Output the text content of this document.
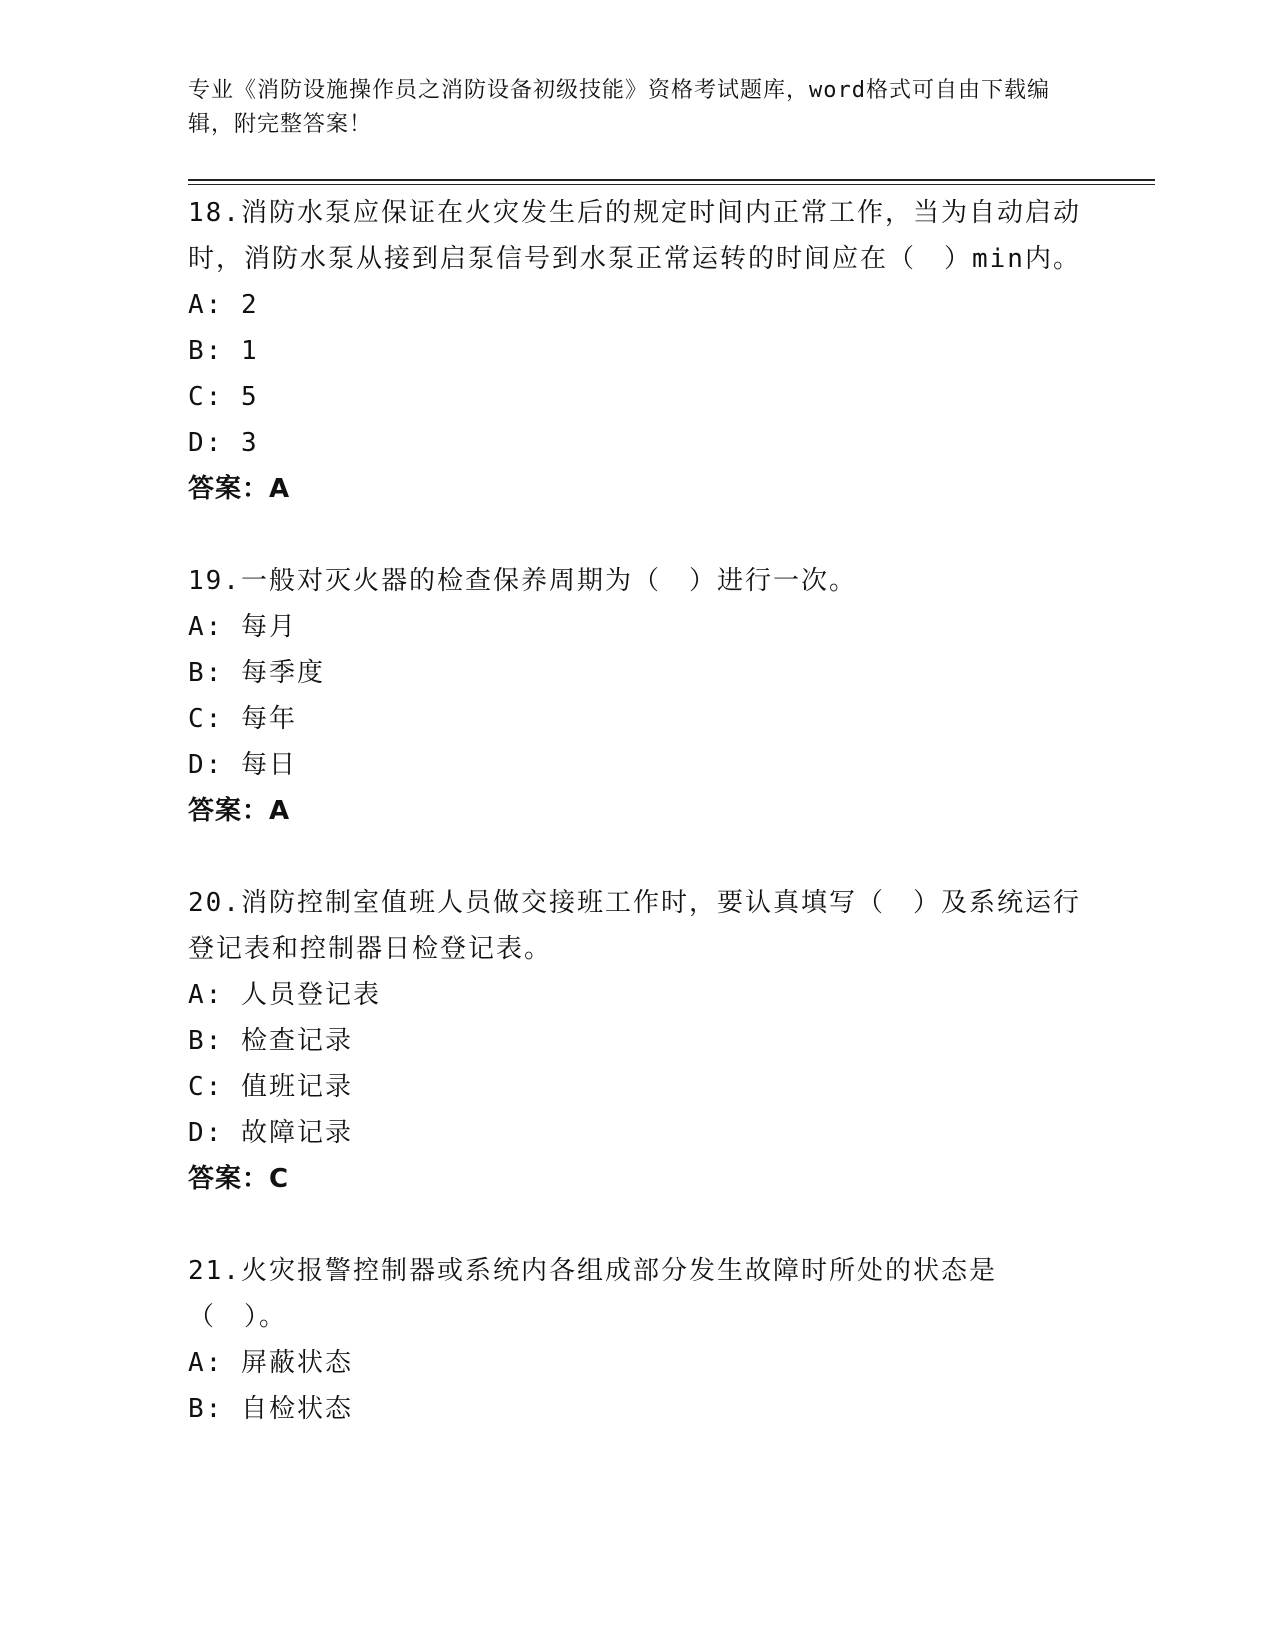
专业《消防设施操作员之消防设备初级技能》资格考试题库，word格式可自由下载编辑，附完整答案！
18.消防水泵应保证在火灾发生后的规定时间内正常工作，当为自动启动时，消防水泵从接到启泵信号到水泵正常运转的时间应在（　）min内。
A: 2
B: 1
C: 5
D: 3
答案：A
19.一般对灭火器的检查保养周期为（　）进行一次。
A: 每月
B: 每季度
C: 每年
D: 每日
答案：A
20.消防控制室值班人员做交接班工作时，要认真填写（　）及系统运行登记表和控制器日检登记表。
A: 人员登记表
B: 检查记录
C: 值班记录
D: 故障记录
答案：C
21.火灾报警控制器或系统内各组成部分发生故障时所处的状态是（　）。
A: 屏蔽状态
B: 自检状态
